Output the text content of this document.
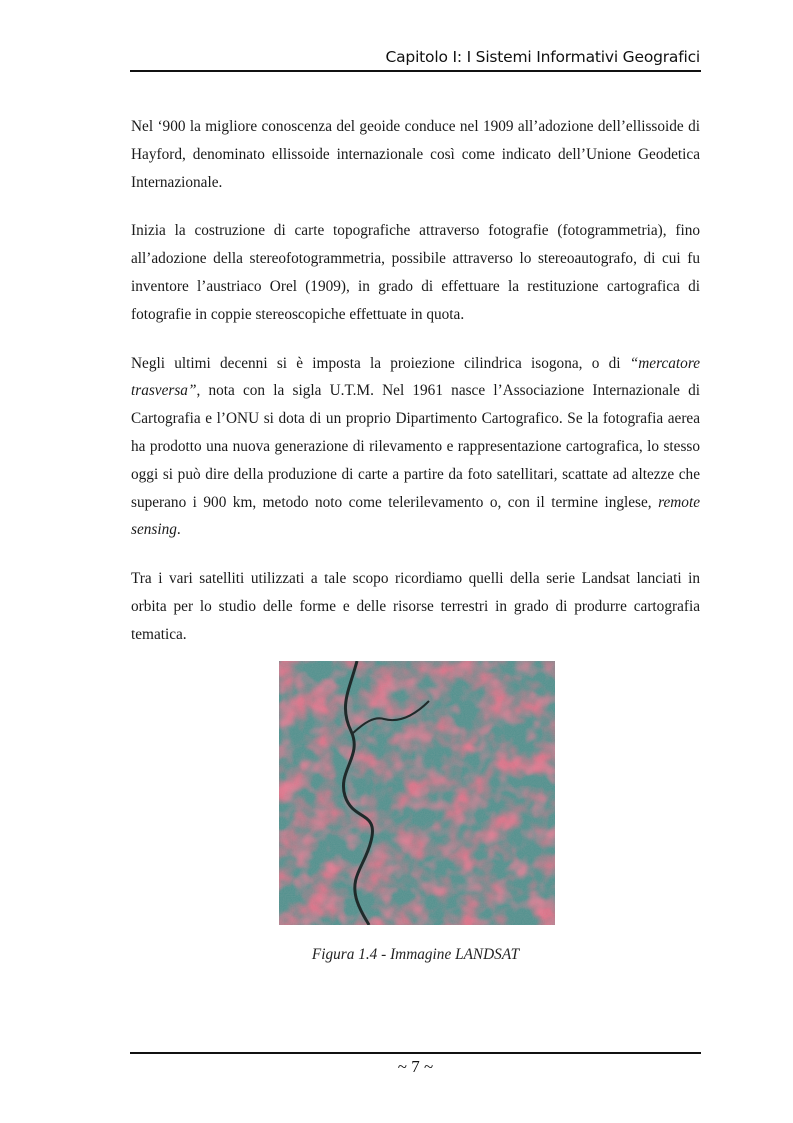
Capitolo I: I Sistemi Informativi Geografici

Nel ‘900 la migliore conoscenza del geoide conduce nel 1909 all’adozione dell’ellissoide di Hayford, denominato ellissoide internazionale così come indicato dell’Unione Geodetica Internazionale.

Inizia la costruzione di carte topografiche attraverso fotografie (fotogrammetria), fino all’adozione della stereofotogrammetria, possibile attraverso lo stereoautografo, di cui fu inventore l’austriaco Orel (1909), in grado di effettuare la restituzione cartografica di fotografie in coppie stereoscopiche effettuate in quota.

Negli ultimi decenni si è imposta la proiezione cilindrica isogona, o di “mercatore trasversa”, nota con la sigla U.T.M. Nel 1961 nasce l’Associazione Internazionale di Cartografia e l’ONU si dota di un proprio Dipartimento Cartografico. Se la fotografia aerea ha prodotto una nuova generazione di rilevamento e rappresentazione cartografica, lo stesso oggi si può dire della produzione di carte a partire da foto satellitari, scattate ad altezze che superano i 900 km, metodo noto come telerilevamento o, con il termine inglese, remote sensing.

Tra i vari satelliti utilizzati a tale scopo ricordiamo quelli della serie Landsat lanciati in orbita per lo studio delle forme e delle risorse terrestri in grado di produrre cartografia tematica.

Figura 1.4 - Immagine LANDSAT
~ 7 ~
